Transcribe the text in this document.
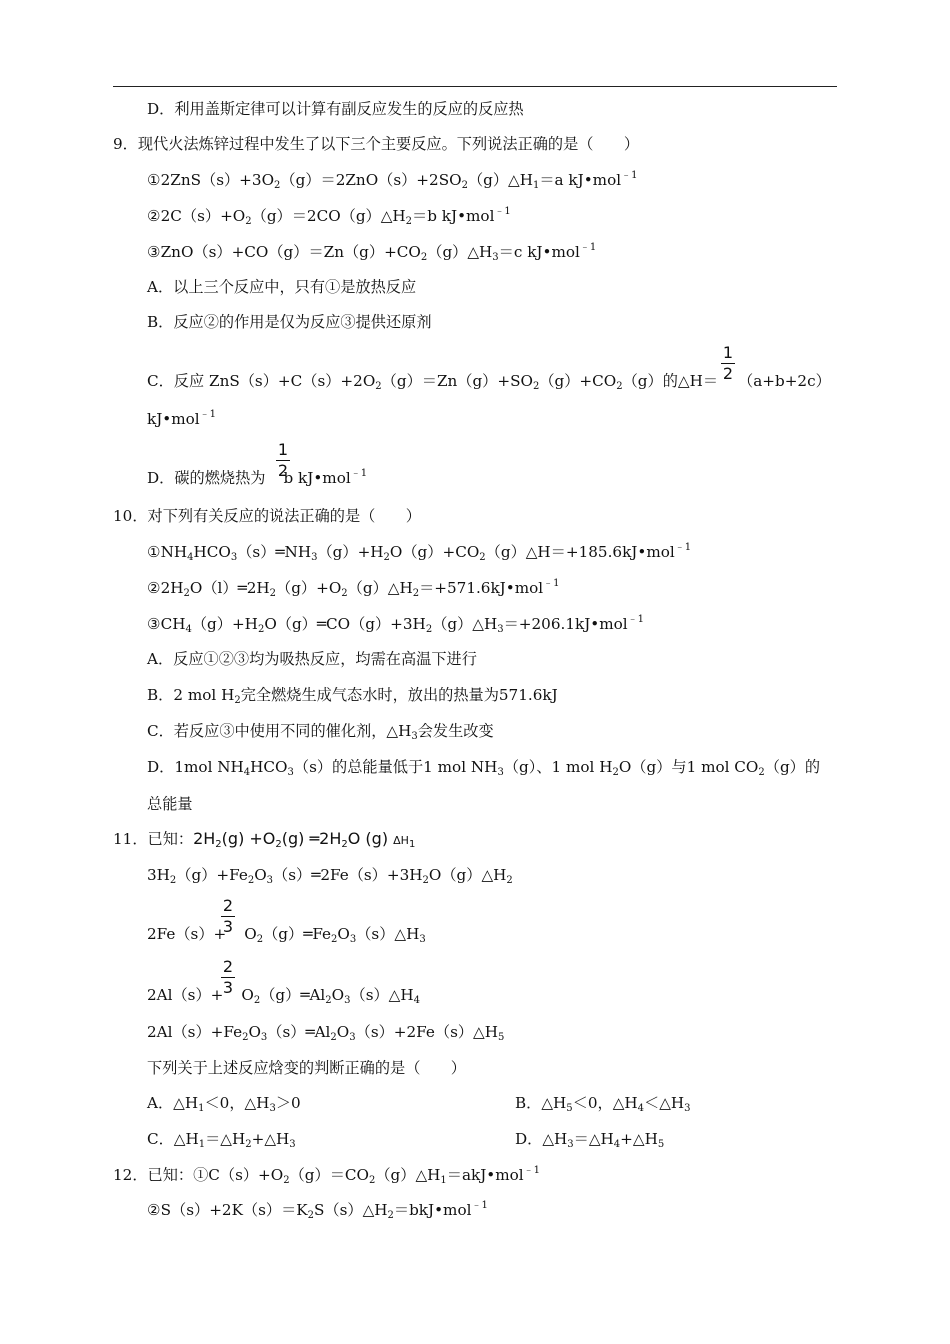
D．利用盖斯定律可以计算有副反应发生的反应的反应热
9．现代火法炼锌过程中发生了以下三个主要反应。下列说法正确的是（　　）
$①2ZnS(s)+3O_2(g)=2ZnO(s)+2SO_2(g)\triangle H_1=a$ kJ•mol$^{﹣1}$
$②2C(s)+O_2(g)=2CO(g)\triangle H_2=b$ kJ•mol$^{﹣1}$
$③ZnO(s)+CO(g)=Zn(g)+CO_2(g)\triangle H_3=c$ kJ•mol$^{﹣1}$
A．以上三个反应中，只有①是放热反应
B．反应②的作用是仅为反应③提供还原剂
C．反应 $ZnS(s)+C(s)+2O_2(g)=Zn(g)+SO_2(g)+CO_2(g)$的△H＝ （a+b+2c）
1
2
kJ•mol$^{﹣1}$
D．碳的燃烧热为 b kJ•mol$^{﹣1}$
1
2
10．对下列有关反应的说法正确的是（　　）
$①NH_4HCO_3(s)═NH_3(g)+H_2O(g)+CO_2(g)\triangle H=+185.6kJ•mol^{﹣1}$
$②2H_2O(l)═2H_2(g)+O_2(g)\triangle H_2=+571.6kJ•mol^{﹣1}$
$③CH_4(g)+H_2O(g)═CO(g)+3H_2(g)\triangle H_3=+206.1kJ•mol^{﹣1}$
A．反应①②③均为吸热反应，均需在高温下进行
B．2 mol $H_2$完全燃烧生成气态水时，放出的热量为571.6kJ
C．若反应③中使用不同的催化剂，$\triangle H_3$会发生改变
D．1mol $NH_4HCO_3(s)$的总能量低于1 mol $NH_3(g)$、1 mol $H_2O(g)$与1 mol $CO_2(g)$的
总能量
11．已知：$2H_2(g) +O_2(g)$ $═2H_2O$ (g) $\Delta H_1$
$3H_2(g)+Fe_2O_3(s)═2Fe(s)+3H_2O(g)\triangle H_2$
$2Fe(s)+ O_2(g)═Fe_2O_3(s)\triangle H_3$
2
3
$2Al(s)+ O_2(g)═Al_2O_3(s)\triangle H_4$
2
3
$2Al(s)+Fe_2O_3(s)═Al_2O_3(s)+2Fe(s)\triangle H_5$
下列关于上述反应焓变的判断正确的是（　　）
A．$\triangle H_1<0$，$\triangle H_3>0$	B．$\triangle H_5<0$，$\triangle H_4<\triangle H_3$
C．$\triangle H_1=\triangle H_2+\triangle H_3$	D．$\triangle H_3=\triangle H_4+\triangle H_5$
12．已知：$①C(s)+O_2(g)=CO_2(g)\triangle H_1=akJ•mol^{﹣1}$
$②S(s)+2K(s)=K_2S(s)\triangle H_2=bkJ•mol^{﹣1}$
